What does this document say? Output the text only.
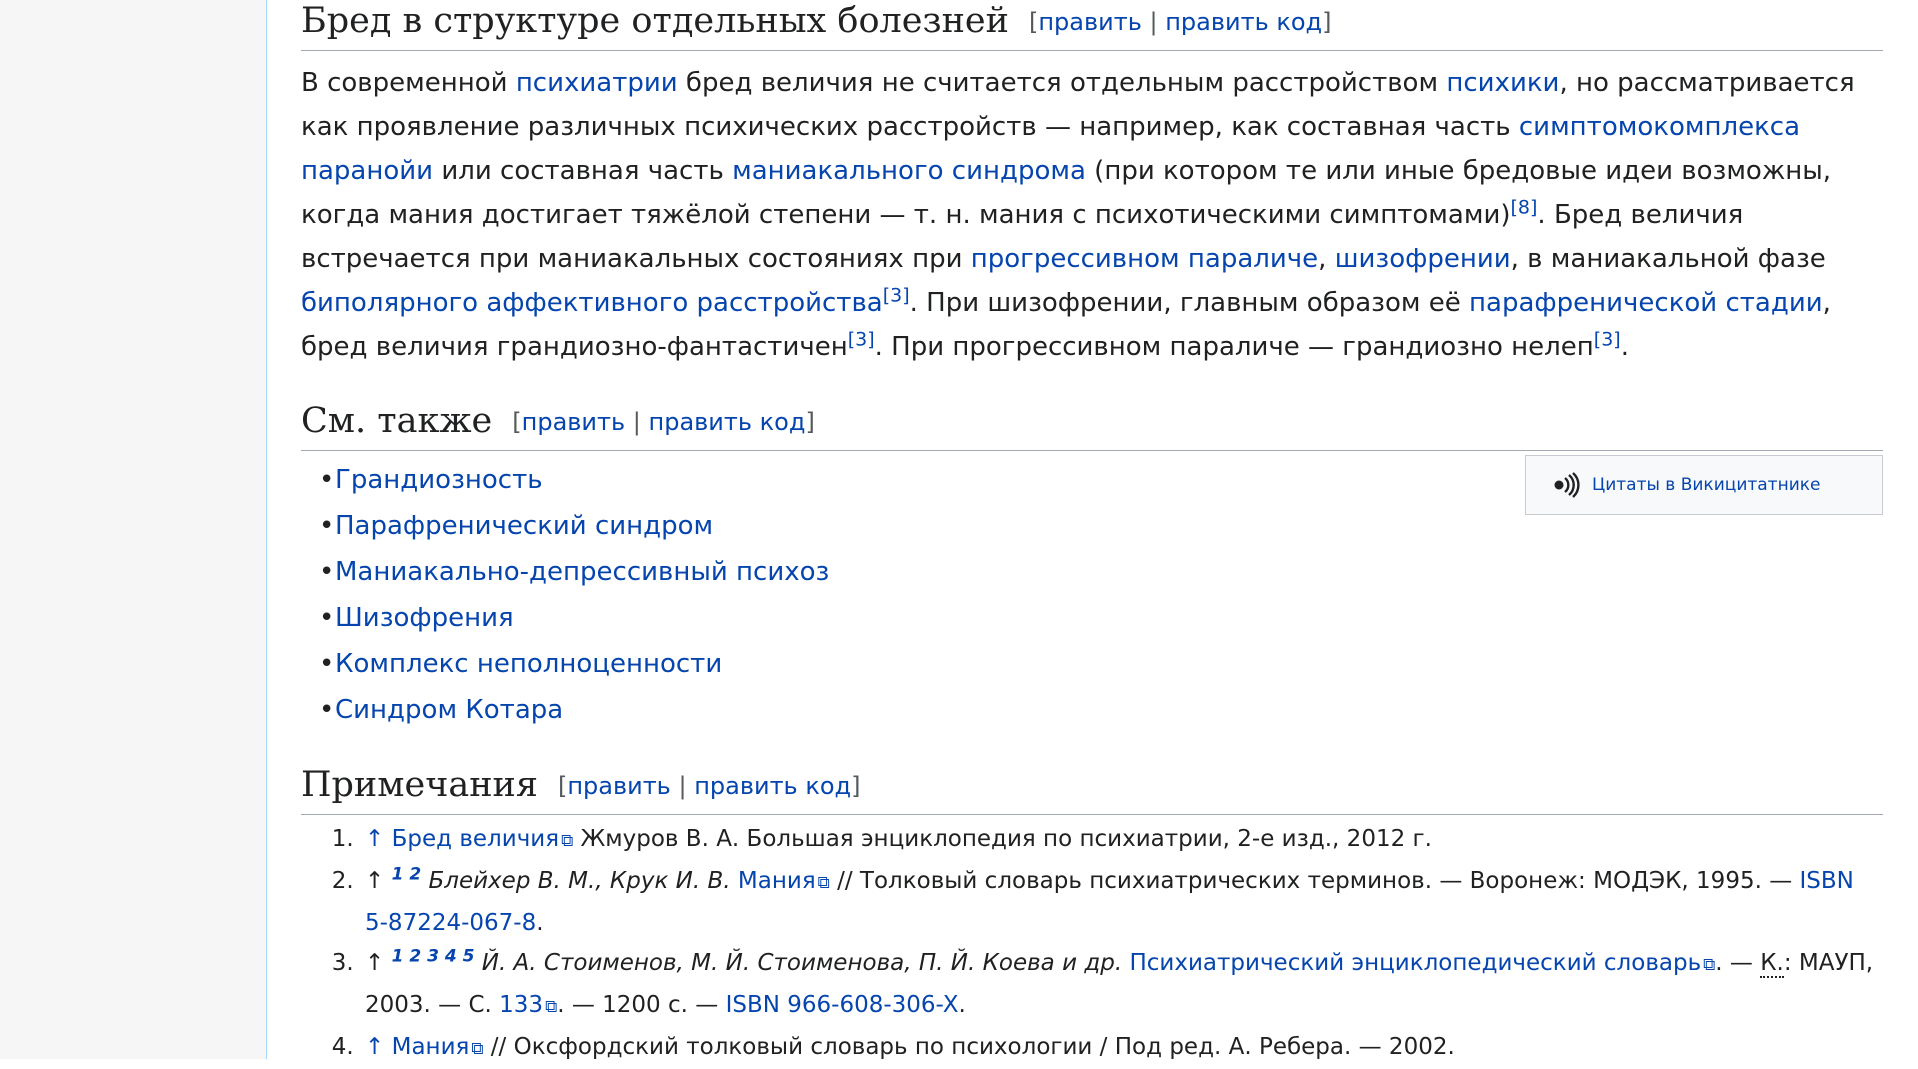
Бред в структуре отдельных болезней [править | править код]
В современной психиатрии бред величия не считается отдельным расстройством психики, но рассматривается как проявление различных психических расстройств — например, как составная часть симптомокомплекса паранойи или составная часть маниакального синдрома (при котором те или иные бредовые идеи возможны, когда мания достигает тяжёлой степени — т. н. мания с психотическими симптомами)[8]. Бред величия встречается при маниакальных состояниях при прогрессивном параличе, шизофрении, в маниакальной фазе биполярного аффективного расстройства[3]. При шизофрении, главным образом её парафренической стадии, бред величия грандиозно-фантастичен[3]. При прогрессивном параличе — грандиозно нелеп[3].
См. также [править | править код]
• Грандиозность
• Парафренический синдром
• Маниакально-депрессивный психоз
• Шизофрения
• Комплекс неполноценности
• Синдром Котара
Цитаты в Викицитатнике
Примечания [править | править код]
1. ↑ Бред величия ⧉ Жмуров В. А. Большая энциклопедия по психиатрии, 2-е изд., 2012 г.
2. ↑ $^{1 2}$ Блейхер В. М., Крук И. В. Мания ⧉ // Толковый словарь психиатрических терминов. — Воронеж: МОДЭК, 1995. — ISBN 5-87224-067-8.
3. ↑ $^{1 2 3 4 5}$ Й. А. Стоименов, М. Й. Стоименова, П. Й. Коева и др. Психиатрический энциклопедический словарь ⧉ . — К.: МАУП, 2003. — С. 133 ⧉ . — 1200 с. — ISBN 966-608-306-X.
4. ↑ Мания ⧉ // Оксфордский толковый словарь по психологии / Под ред. А. Ребера. — 2002.
